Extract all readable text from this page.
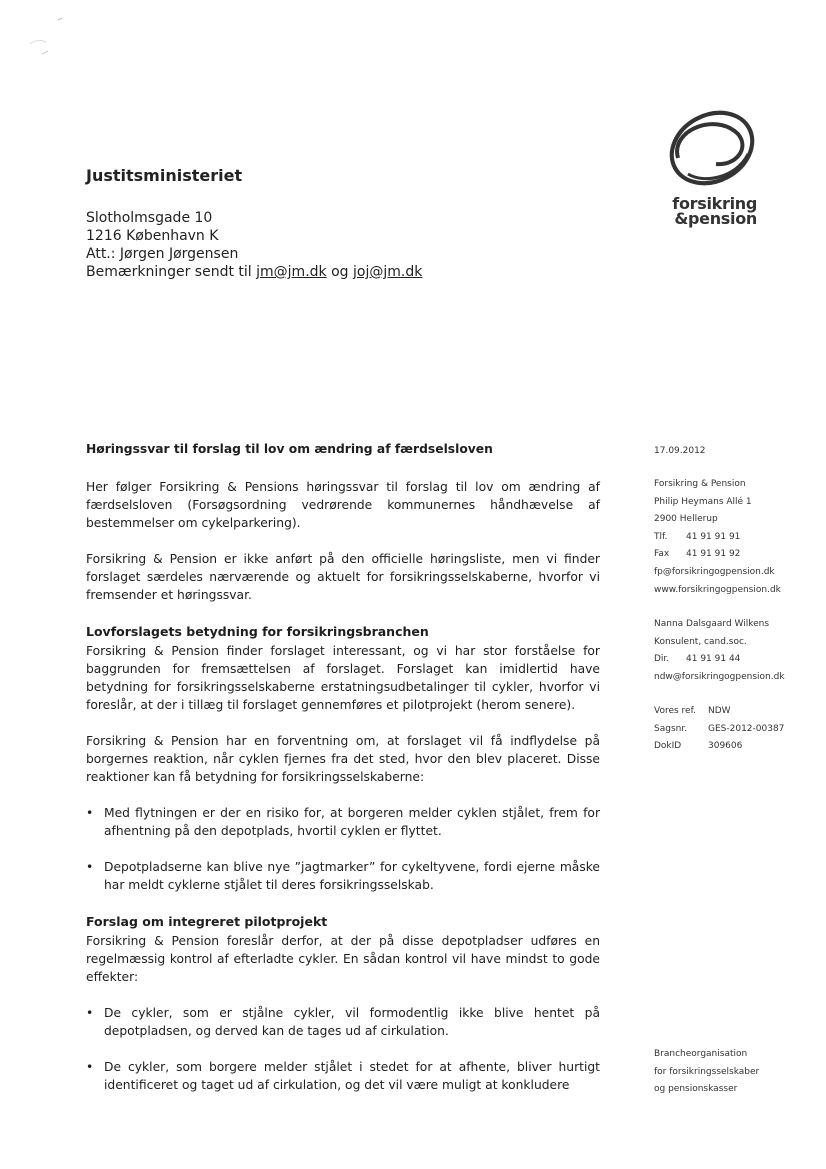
Justitsministeriet
Slotholmsgade 10
1216 København K
Att.: Jørgen Jørgensen
Bemærkninger sendt til jm@jm.dk og joj@jm.dk
forsikring
&pension
Høringssvar til forslag til lov om ændring af færdselsloven

Her følger Forsikring & Pensions høringssvar til forslag til lov om ændring af færdselsloven (Forsøgsordning vedrørende kommunernes håndhævelse af bestemmelser om cykelparkering).

Forsikring & Pension er ikke anført på den officielle høringsliste, men vi finder forslaget særdeles nærværende og aktuelt for forsikringsselskaberne, hvorfor vi fremsender et høringssvar.

Lovforslagets betydning for forsikringsbranchen

Forsikring & Pension finder forslaget interessant, og vi har stor forståelse for baggrunden for fremsættelsen af forslaget. Forslaget kan imidlertid have betydning for forsikringsselskaberne erstatningsudbetalinger til cykler, hvorfor vi foreslår, at der i tillæg til forslaget gennemføres et pilotprojekt (herom senere).

Forsikring & Pension har en forventning om, at forslaget vil få indflydelse på borgernes reaktion, når cyklen fjernes fra det sted, hvor den blev placeret. Disse reaktioner kan få betydning for forsikringsselskaberne:

• Med flytningen er der en risiko for, at borgeren melder cyklen stjålet, frem for afhentning på den depotplads, hvortil cyklen er flyttet.
• Depotpladserne kan blive nye ”jagtmarker” for cykeltyvene, fordi ejerne måske har meldt cyklerne stjålet til deres forsikringsselskab.
Forslag om integreret pilotprojekt

Forsikring & Pension foreslår derfor, at der på disse depotpladser udføres en regelmæssig kontrol af efterladte cykler. En sådan kontrol vil have mindst to gode effekter:

• De cykler, som er stjålne cykler, vil formodentlig ikke blive hentet på depotpladsen, og derved kan de tages ud af cirkulation.
• De cykler, som borgere melder stjålet i stedet for at afhente, bliver hurtigt identificeret og taget ud af cirkulation, og det vil være muligt at konkludere
17.09.2012
Forsikring & Pension
Philip Heymans Allé 1
2900 Hellerup
Tlf. 41 91 91 91
Fax 41 91 91 92
fp@forsikringogpension.dk
www.forsikringogpension.dk
Nanna Dalsgaard Wilkens
Konsulent, cand.soc.
Dir. 41 91 91 44
ndw@forsikringogpension.dk
Vores ref. NDW
Sagsnr. GES-2012-00387
DokID	309606
Brancheorganisation
for forsikringsselskaber
og pensionskasser
